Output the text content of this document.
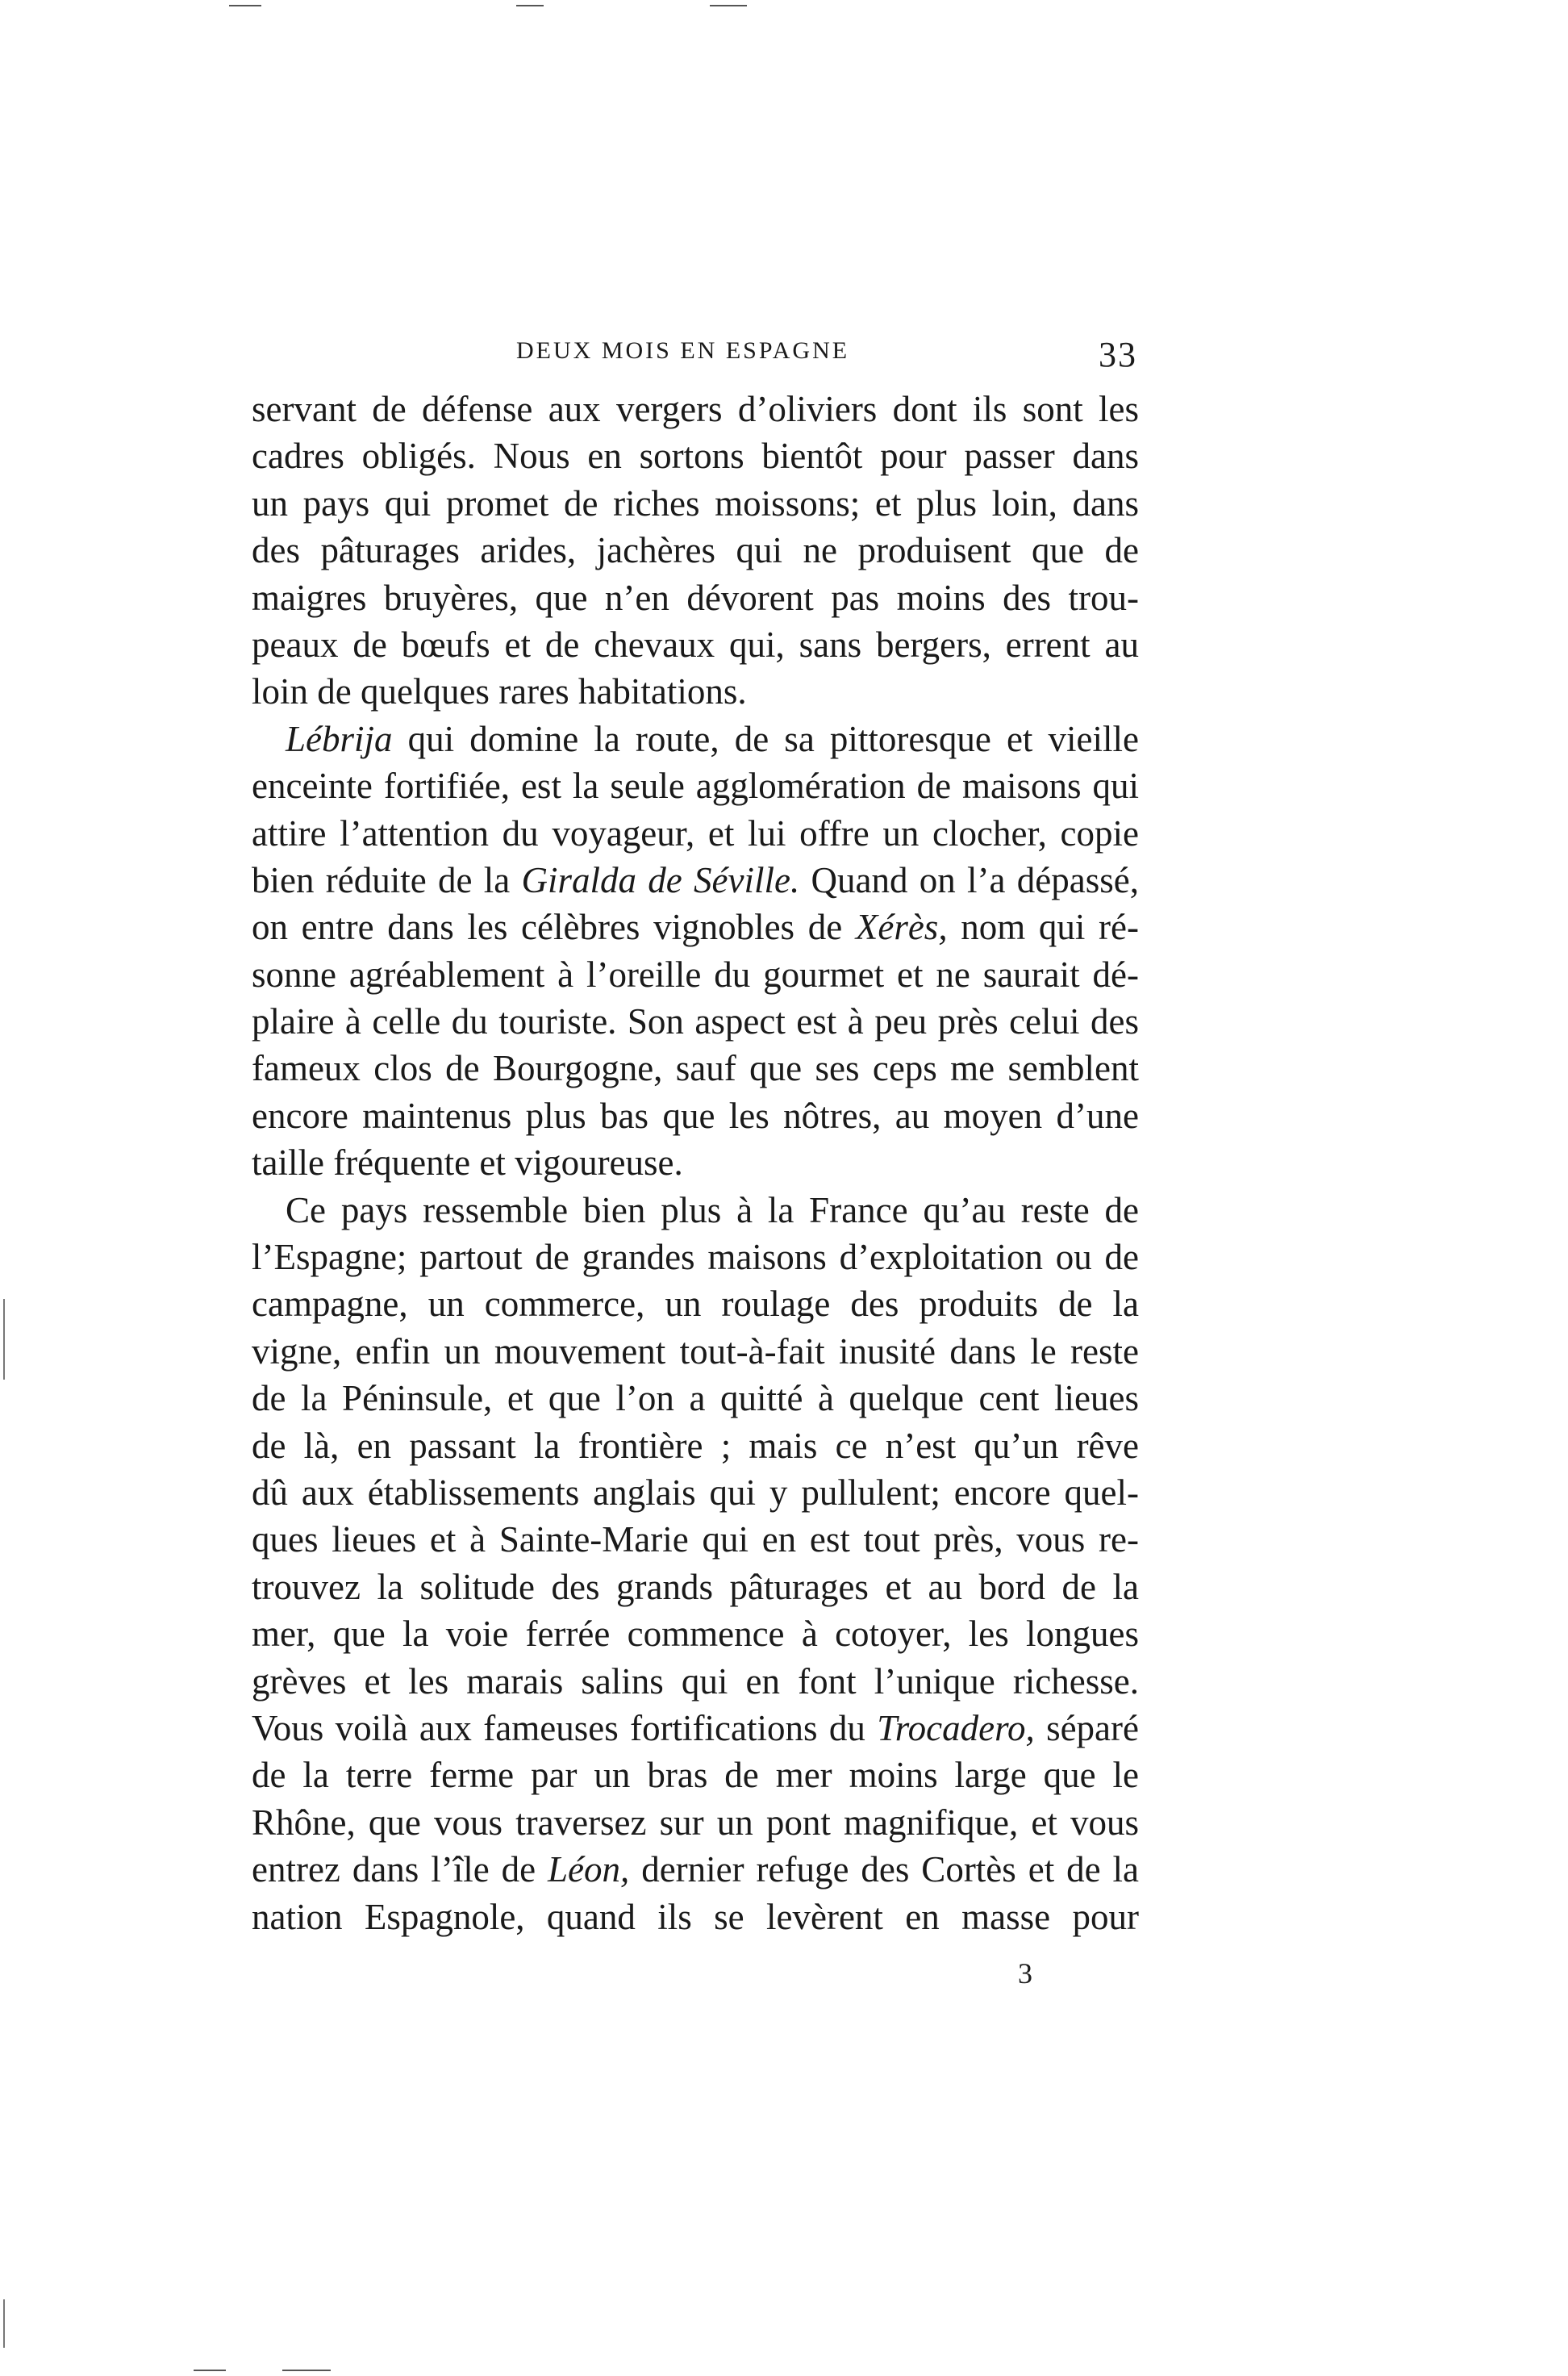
DEUX MOIS EN ESPAGNE	33
servant de défense aux vergers d’oliviers dont ils sont les
cadres obligés. Nous en sortons bientôt pour passer dans
un pays qui promet de riches moissons; et plus loin, dans
des pâturages arides, jachères qui ne produisent que de
maigres bruyères, que n’en dévorent pas moins des trou-
peaux de bœufs et de chevaux qui, sans bergers, errent au
loin de quelques rares habitations.
Lébrija qui domine la route, de sa pittoresque et vieille
enceinte fortifiée, est la seule agglomération de maisons qui
attire l’attention du voyageur, et lui offre un clocher, copie
bien réduite de la Giralda de Séville. Quand on l’a dépassé,
on entre dans les célèbres vignobles de Xérès, nom qui ré-
sonne agréablement à l’oreille du gourmet et ne saurait dé-
plaire à celle du touriste. Son aspect est à peu près celui des
fameux clos de Bourgogne, sauf que ses ceps me semblent
encore maintenus plus bas que les nôtres, au moyen d’une
taille fréquente et vigoureuse.
Ce pays ressemble bien plus à la France qu’au reste de
l’Espagne; partout de grandes maisons d’exploitation ou de
campagne, un commerce, un roulage des produits de la
vigne, enfin un mouvement tout-à-fait inusité dans le reste
de la Péninsule, et que l’on a quitté à quelque cent lieues
de là, en passant la frontière ; mais ce n’est qu’un rêve
dû aux établissements anglais qui y pullulent; encore quel-
ques lieues et à Sainte-Marie qui en est tout près, vous re-
trouvez la solitude des grands pâturages et au bord de la
mer, que la voie ferrée commence à cotoyer, les longues
grèves et les marais salins qui en font l’unique richesse.
Vous voilà aux fameuses fortifications du Trocadero, séparé
de la terre ferme par un bras de mer moins large que le
Rhône, que vous traversez sur un pont magnifique, et vous
entrez dans l’île de Léon, dernier refuge des Cortès et de la
nation Espagnole, quand ils se levèrent en masse pour
3
